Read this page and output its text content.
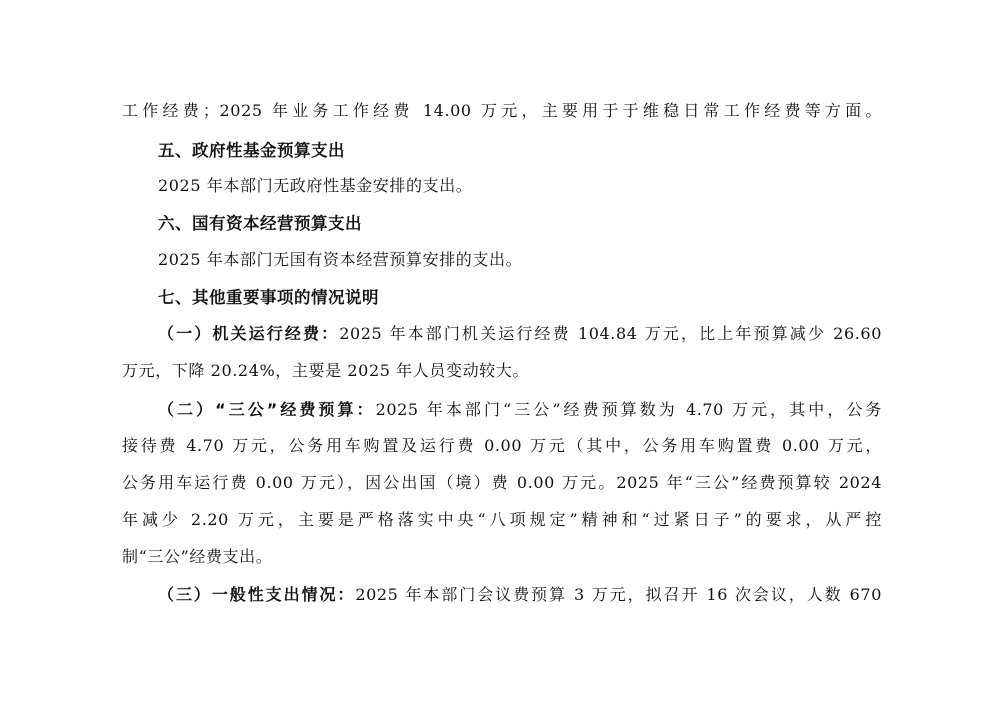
工作经费；2025 年业务工作经费 14.00 万元，主要用于于维稳日常工作经费等方面。
五、政府性基金预算支出
2025 年本部门无政府性基金安排的支出。
六、国有资本经营预算支出
2025 年本部门无国有资本经营预算安排的支出。
七、其他重要事项的情况说明
（一）机关运行经费：2025 年本部门机关运行经费 104.84 万元，比上年预算减少 26.60
万元，下降 20.24%，主要是 2025 年人员变动较大。
（二）“三公”经费预算：2025 年本部门“三公”经费预算数为 4.70 万元，其中，公务
接待费 4.70 万元，公务用车购置及运行费 0.00 万元（其中，公务用车购置费 0.00 万元，
公务用车运行费 0.00 万元），因公出国（境）费 0.00 万元。2025 年“三公”经费预算较 2024
年减少 2.20 万元，主要是严格落实中央“八项规定”精神和“过紧日子”的要求，从严控
制“三公”经费支出。
（三）一般性支出情况：2025 年本部门会议费预算 3 万元，拟召开 16 次会议，人数 670
